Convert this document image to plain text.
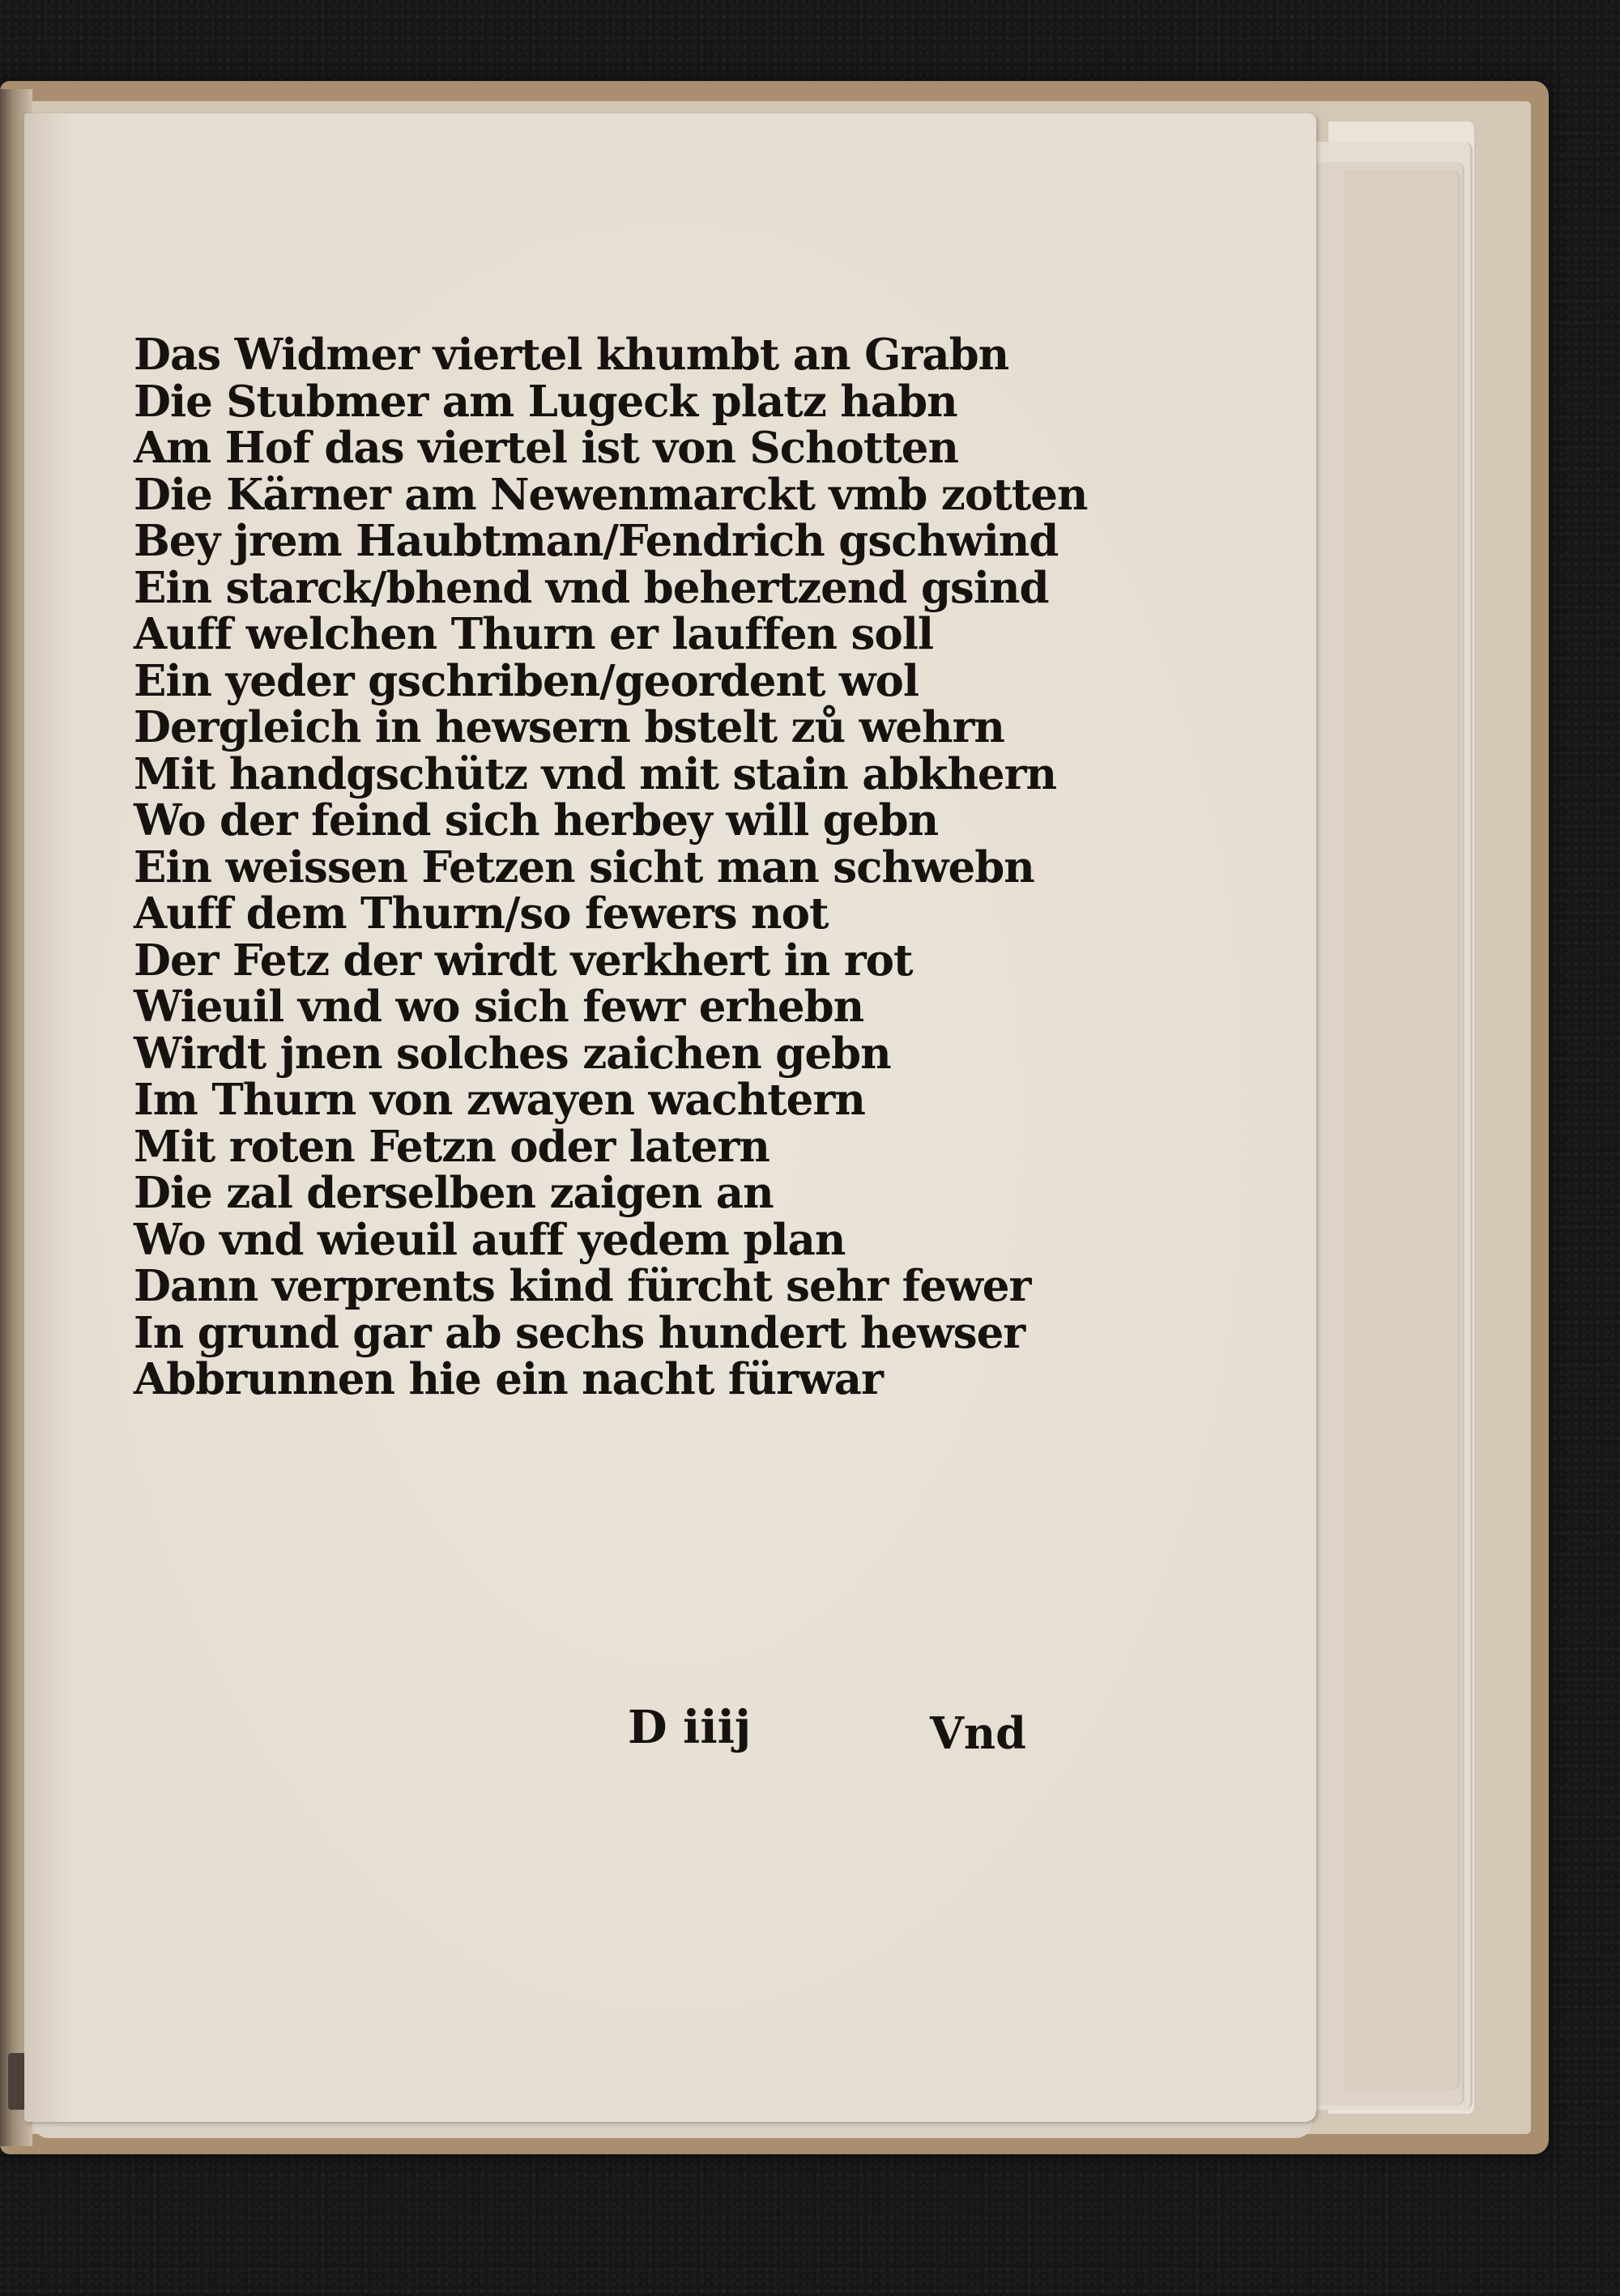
Das Widmer viertel khumbt an Grabn
Die Stubmer am Lugeck platz habn
Am Hof das viertel ist von Schotten
Die Kärner am Newenmarckt vmb zotten
Bey jrem Haubtman/Fendrich gschwind
Ein starck/bhend vnd behertzend gsind
Auff welchen Thurn er lauffen soll
Ein yeder gschriben/geordent wol
Dergleich in hewsern bstelt zů wehrn
Mit handgschütz vnd mit stain abkhern
Wo der feind sich herbey will gebn
Ein weissen Fetzen sicht man schwebn
Auff dem Thurn/so fewers not
Der Fetz der wirdt verkhert in rot
Wieuil vnd wo sich fewr erhebn
Wirdt jnen solches zaichen gebn
Im Thurn von zwayen wachtern
Mit roten Fetzn oder latern
Die zal derselben zaigen an
Wo vnd wieuil auff yedem plan
Dann verprents kind fürcht sehr fewer
In grund gar ab sechs hundert hewser
Abbrunnen hie ein nacht fürwar
D iiij	Vnd
